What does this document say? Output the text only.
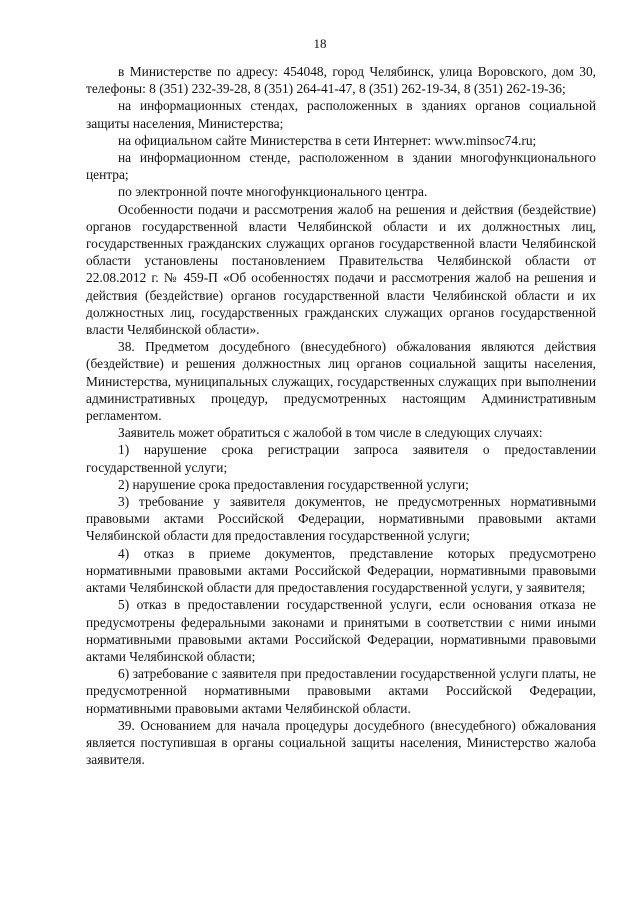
18

в Министерстве по адресу: 454048, город Челябинск, улица Воровского, дом 30, телефоны: 8 (351) 232-39-28, 8 (351) 264-41-47, 8 (351) 262-19-34, 8 (351) 262-19-36;

на информационных стендах, расположенных в зданиях органов социальной защиты населения, Министерства;

на официальном сайте Министерства в сети Интернет: www.minsoc74.ru;

на информационном стенде, расположенном в здании многофункционального центра;

по электронной почте многофункционального центра.

Особенности подачи и рассмотрения жалоб на решения и действия (бездействие) органов государственной власти Челябинской области и их должностных лиц, государственных гражданских служащих органов государственной власти Челябинской области установлены постановлением Правительства Челябинской области от 22.08.2012 г. № 459-П «Об особенностях подачи и рассмотрения жалоб на решения и действия (бездействие) органов государственной власти Челябинской области и их должностных лиц, государственных гражданских служащих органов государственной власти Челябинской области».

38. Предметом досудебного (внесудебного) обжалования являются действия (бездействие) и решения должностных лиц органов социальной защиты населения, Министерства, муниципальных служащих, государственных служащих при выполнении административных процедур, предусмотренных настоящим Административным регламентом.

Заявитель может обратиться с жалобой в том числе в следующих случаях:

1) нарушение срока регистрации запроса заявителя о предоставлении государственной услуги;

2) нарушение срока предоставления государственной услуги;

3) требование у заявителя документов, не предусмотренных нормативными правовыми актами Российской Федерации, нормативными правовыми актами Челябинской области для предоставления государственной услуги;

4) отказ в приеме документов, представление которых предусмотрено нормативными правовыми актами Российской Федерации, нормативными правовыми актами Челябинской области для предоставления государственной услуги, у заявителя;

5) отказ в предоставлении государственной услуги, если основания отказа не предусмотрены федеральными законами и принятыми в соответствии с ними иными нормативными правовыми актами Российской Федерации, нормативными правовыми актами Челябинской области;

6) затребование с заявителя при предоставлении государственной услуги платы, не предусмотренной нормативными правовыми актами Российской Федерации, нормативными правовыми актами Челябинской области.

39. Основанием для начала процедуры досудебного (внесудебного) обжалования является поступившая в органы социальной защиты населения, Министерство жалоба заявителя.
